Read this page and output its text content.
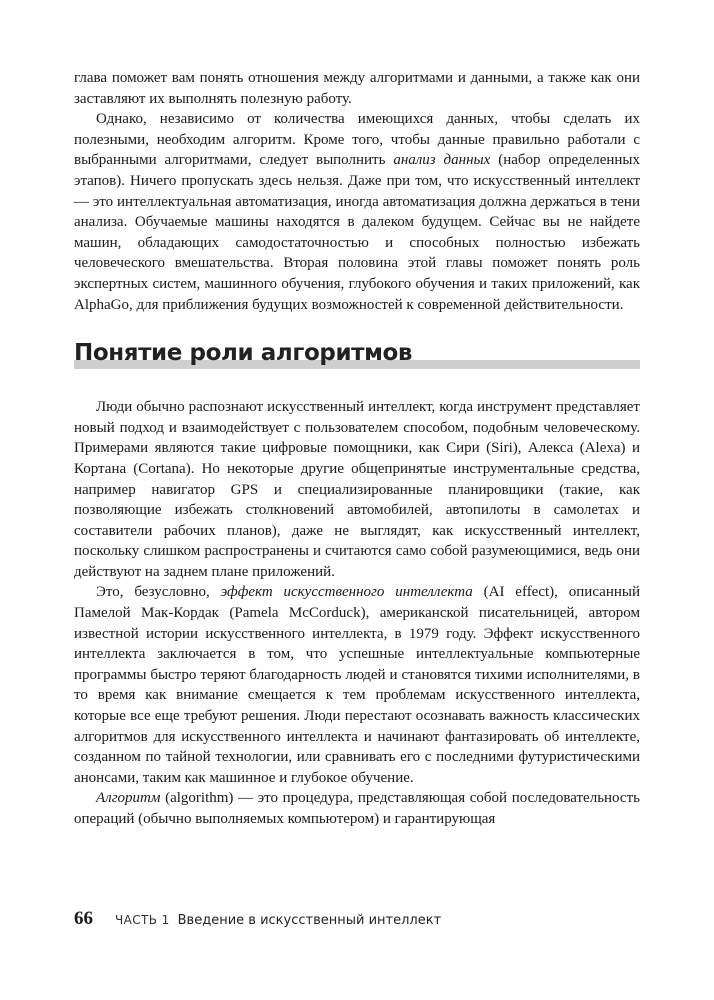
глава поможет вам понять отношения между алгоритмами и данными, а также как они заставляют их выполнять полезную работу.

Однако, независимо от количества имеющихся данных, чтобы сделать их полезными, необходим алгоритм. Кроме того, чтобы данные правильно работали с выбранными алгоритмами, следует выполнить анализ данных (набор определенных этапов). Ничего пропускать здесь нельзя. Даже при том, что искусственный интеллект — это интеллектуальная автоматизация, иногда автоматизация должна держаться в тени анализа. Обучаемые машины находятся в далеком будущем. Сейчас вы не найдете машин, обладающих самодостаточностью и способных полностью избежать человеческого вмешательства. Вторая половина этой главы поможет понять роль экспертных систем, машинного обучения, глубокого обучения и таких приложений, как AlphaGo, для приближения будущих возможностей к современной действительности.

Понятие роли алгоритмов

Люди обычно распознают искусственный интеллект, когда инструмент представляет новый подход и взаимодействует с пользователем способом, подобным человеческому. Примерами являются такие цифровые помощники, как Сири (Siri), Алекса (Alexa) и Кортана (Cortana). Но некоторые другие общепринятые инструментальные средства, например навигатор GPS и специализированные планировщики (такие, как позволяющие избежать столкновений автомобилей, автопилоты в самолетах и составители рабочих планов), даже не выглядят, как искусственный интеллект, поскольку слишком распространены и считаются само собой разумеющимися, ведь они действуют на заднем плане приложений.

Это, безусловно, эффект искусственного интеллекта (AI effect), описанный Памелой Мак-Кордак (Pamela McCorduck), американской писательницей, автором известной истории искусственного интеллекта, в 1979 году. Эффект искусственного интеллекта заключается в том, что успешные интеллектуальные компьютерные программы быстро теряют благодарность людей и становятся тихими исполнителями, в то время как внимание смещается к тем проблемам искусственного интеллекта, которые все еще требуют решения. Люди перестают осознавать важность классических алгоритмов для искусственного интеллекта и начинают фантазировать об интеллекте, созданном по тайной технологии, или сравнивать его с последними футуристическими анонсами, таким как машинное и глубокое обучение.

Алгоритм (algorithm) — это процедура, представляющая собой последовательность операций (обычно выполняемых компьютером) и гарантирующая

66 ЧАСТЬ 1 Введение в искусственный интеллект
